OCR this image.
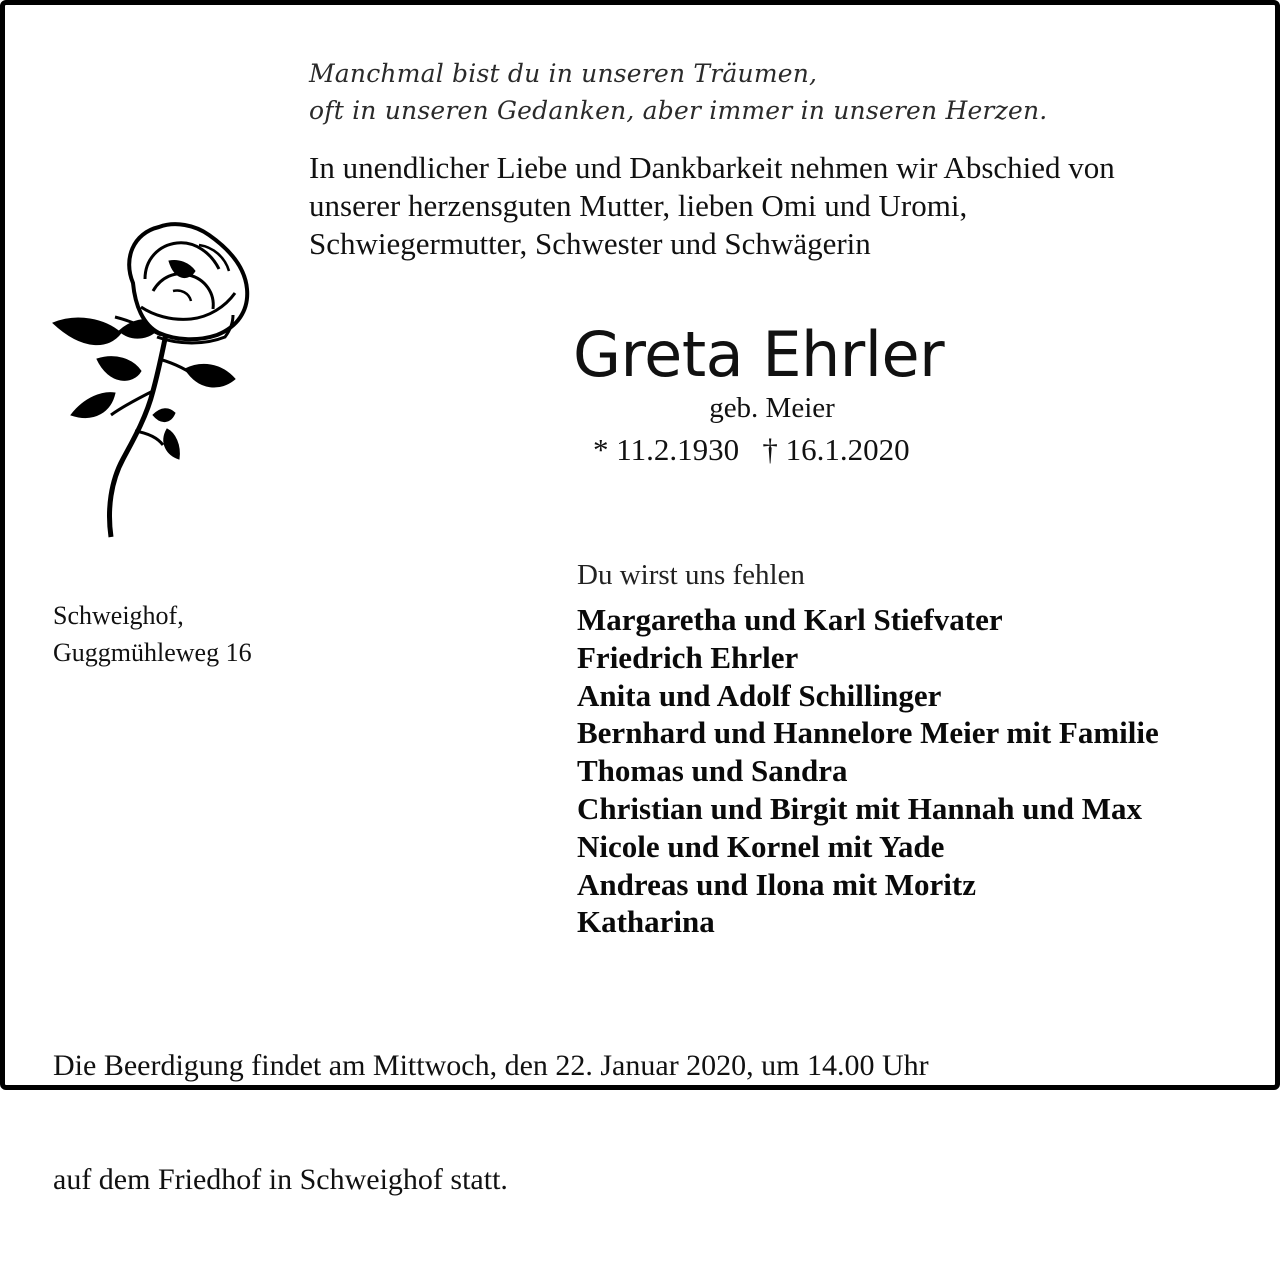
Manchmal bist du in unseren Träumen,
oft in unseren Gedanken, aber immer in unseren Herzen.
In unendlicher Liebe und Dankbarkeit nehmen wir Abschied von
unserer herzensguten Mutter, lieben Omi und Uromi,
Schwiegermutter, Schwester und Schwägerin
Greta Ehrler
geb. Meier
* 11.2.1930   † 16.1.2020
Schweighof,
Guggmühleweg 16
Du wirst uns fehlen
Margaretha und Karl Stiefvater
Friedrich Ehrler
Anita und Adolf Schillinger
Bernhard und Hannelore Meier mit Familie
Thomas und Sandra
Christian und Birgit mit Hannah und Max
Nicole und Kornel mit Yade
Andreas und Ilona mit Moritz
Katharina

Die Beerdigung findet am Mittwoch, den 22. Januar 2020, um 14.00 Uhr

auf dem Friedhof in Schweighof statt.
